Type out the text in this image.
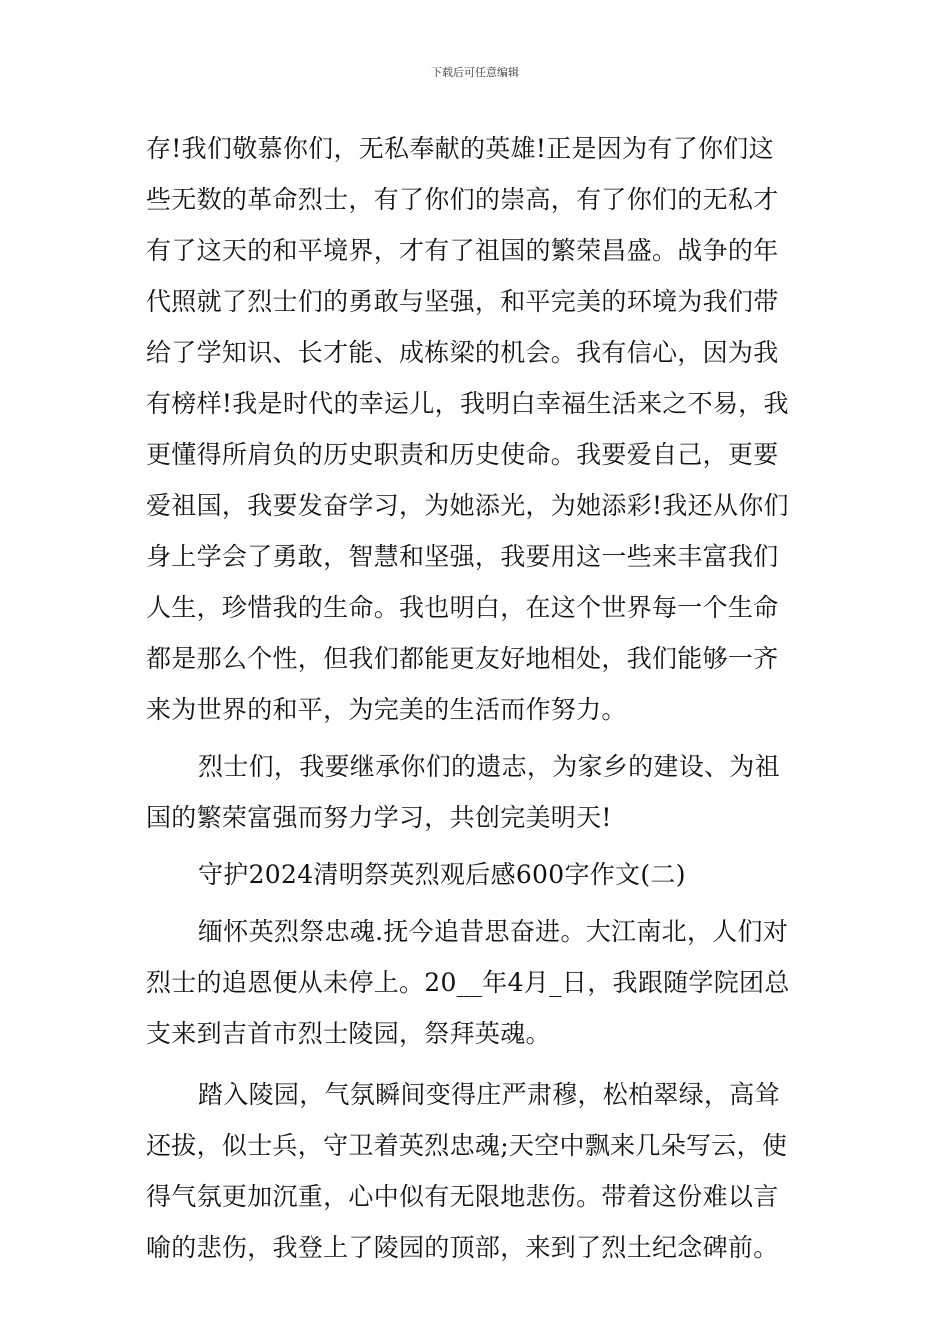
下载后可任意编辑
存!我们敬慕你们，无私奉献的英雄!正是因为有了你们这
些无数的革命烈士，有了你们的崇高，有了你们的无私才
有了这天的和平境界，才有了祖国的繁荣昌盛。战争的年
代照就了烈士们的勇敢与坚强，和平完美的环境为我们带
给了学知识、长才能、成栋梁的机会。我有信心，因为我
有榜样!我是时代的幸运儿，我明白幸福生活来之不易，我
更懂得所肩负的历史职责和历史使命。我要爱自己，更要
爱祖国，我要发奋学习，为她添光，为她添彩!我还从你们
身上学会了勇敢，智慧和坚强，我要用这一些来丰富我们
人生，珍惜我的生命。我也明白，在这个世界每一个生命
都是那么个性，但我们都能更友好地相处，我们能够一齐
来为世界的和平，为完美的生活而作努力。
烈士们，我要继承你们的遗志，为家乡的建设、为祖
国的繁荣富强而努力学习，共创完美明天!
守护2024清明祭英烈观后感600字作文(二)
缅怀英烈祭忠魂.抚今追昔思奋进。大江南北，人们对
烈士的追恩便从未停上。20__年4月_日，我跟随学院团总
支来到吉首市烈士陵园，祭拜英魂。
踏入陵园，气氛瞬间变得庄严肃穆，松柏翠绿，高耸
还拔，似士兵，守卫着英烈忠魂;天空中飘来几朵写云，使
得气氛更加沉重，心中似有无限地悲伤。带着这份难以言
喻的悲伤，我登上了陵园的顶部，来到了烈土纪念碑前。
